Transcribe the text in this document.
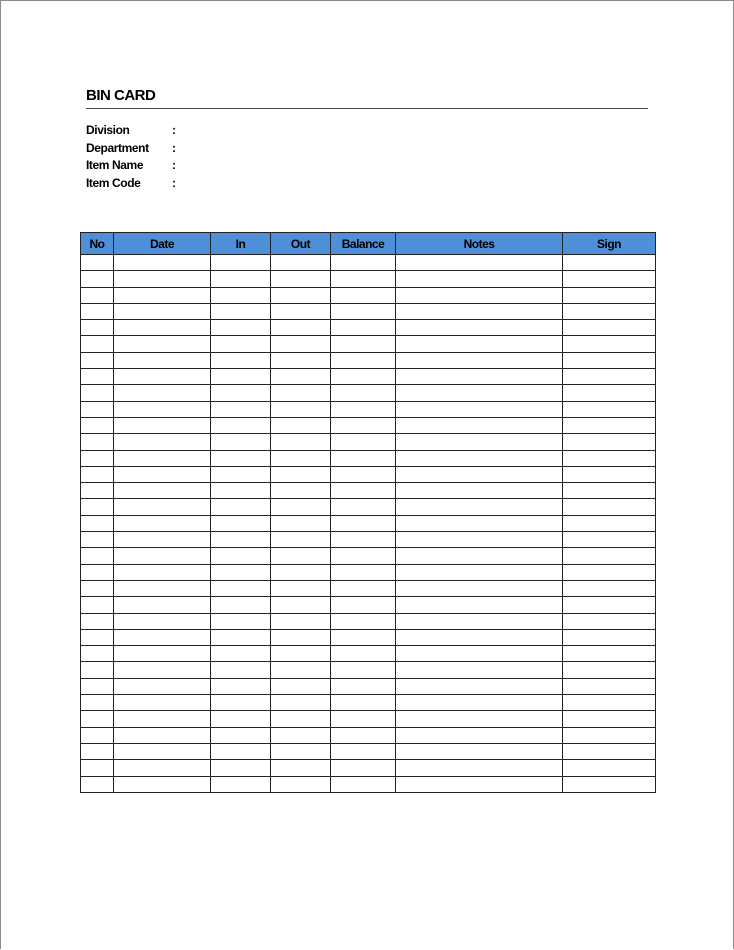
BIN CARD
Division	:
Department	:
Item Name	:
Item Code	:
No	Date	In	Out	Balance	Notes	Sign
